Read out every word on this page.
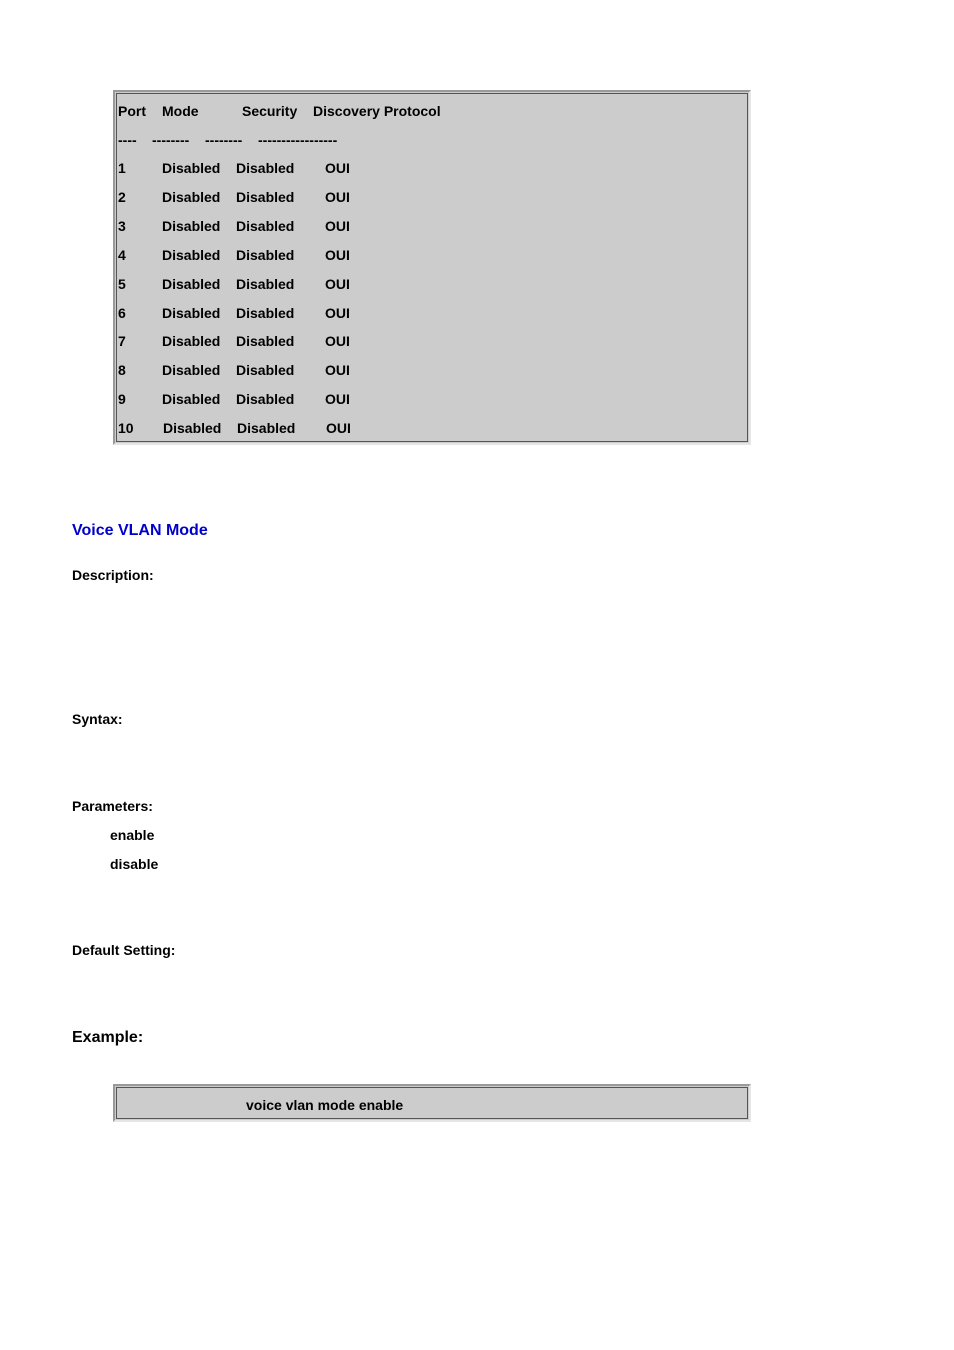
Port Mode	Security Discovery Protocol
---- -------- -------- -----------------
1	Disabled Disabled OUI
2	Disabled Disabled OUI
3	Disabled Disabled OUI
4	Disabled Disabled OUI
5	Disabled Disabled OUI
6	Disabled Disabled OUI
7	Disabled Disabled OUI
8	Disabled Disabled OUI
9	Disabled Disabled OUI
10 Disabled Disabled OUI
Voice VLAN Mode
Description:
Syntax:
Parameters:
enable
disable
Default Setting:
Example:
voice vlan mode enable
